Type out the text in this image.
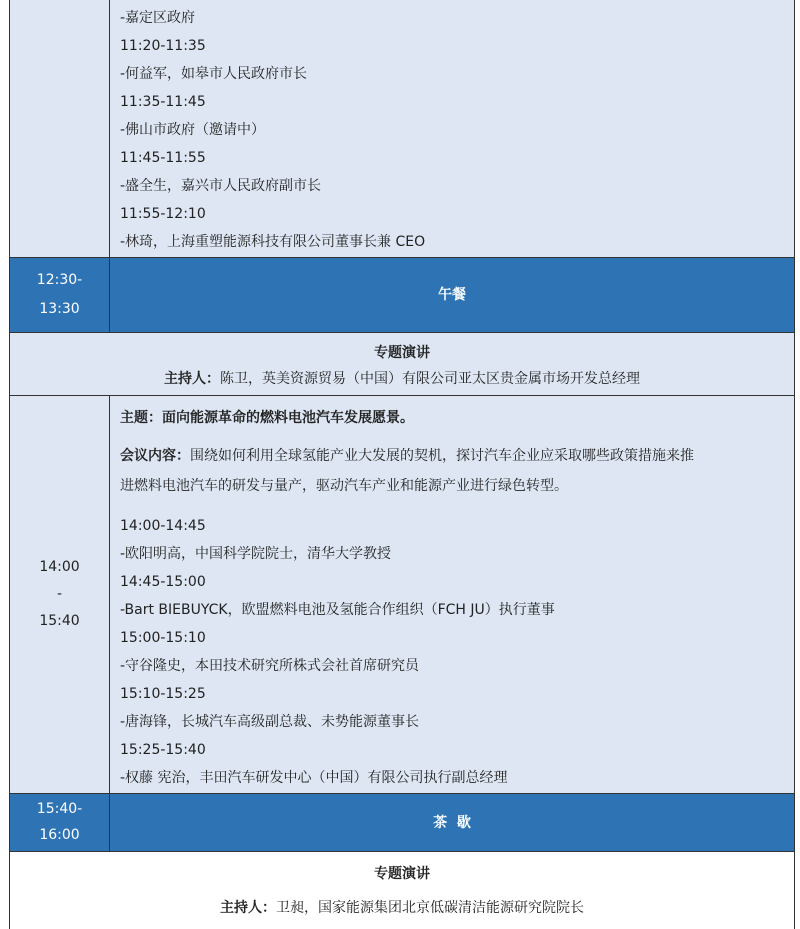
-嘉定区政府
11:20-11:35
-何益军，如皋市人民政府市长
11:35-11:45
-佛山市政府（邀请中）
11:45-11:55
-盛全生，嘉兴市人民政府副市长
11:55-12:10
-林琦，上海重塑能源科技有限公司董事长兼 CEO
12:30-
13:30
午餐
专题演讲
主持人：陈卫，英美资源贸易（中国）有限公司亚太区贵金属市场开发总经理
14:00
-
15:40
主题：面向能源革命的燃料电池汽车发展愿景。
会议内容：围绕如何利用全球氢能产业大发展的契机，探讨汽车企业应采取哪些政策措施来推
进燃料电池汽车的研发与量产，驱动汽车产业和能源产业进行绿色转型。
14:00-14:45
-欧阳明高，中国科学院院士，清华大学教授
14:45-15:00
-Bart BIEBUYCK，欧盟燃料电池及氢能合作组织（FCH JU）执行董事
15:00-15:10
-守谷隆史，本田技术研究所株式会社首席研究员
15:10-15:25
-唐海锋，长城汽车高级副总裁、未势能源董事长
15:25-15:40
-权藤 宪治，丰田汽车研发中心（中国）有限公司执行副总经理
15:40-
16:00
茶  歇
专题演讲
主持人：卫昶，国家能源集团北京低碳清洁能源研究院院长
